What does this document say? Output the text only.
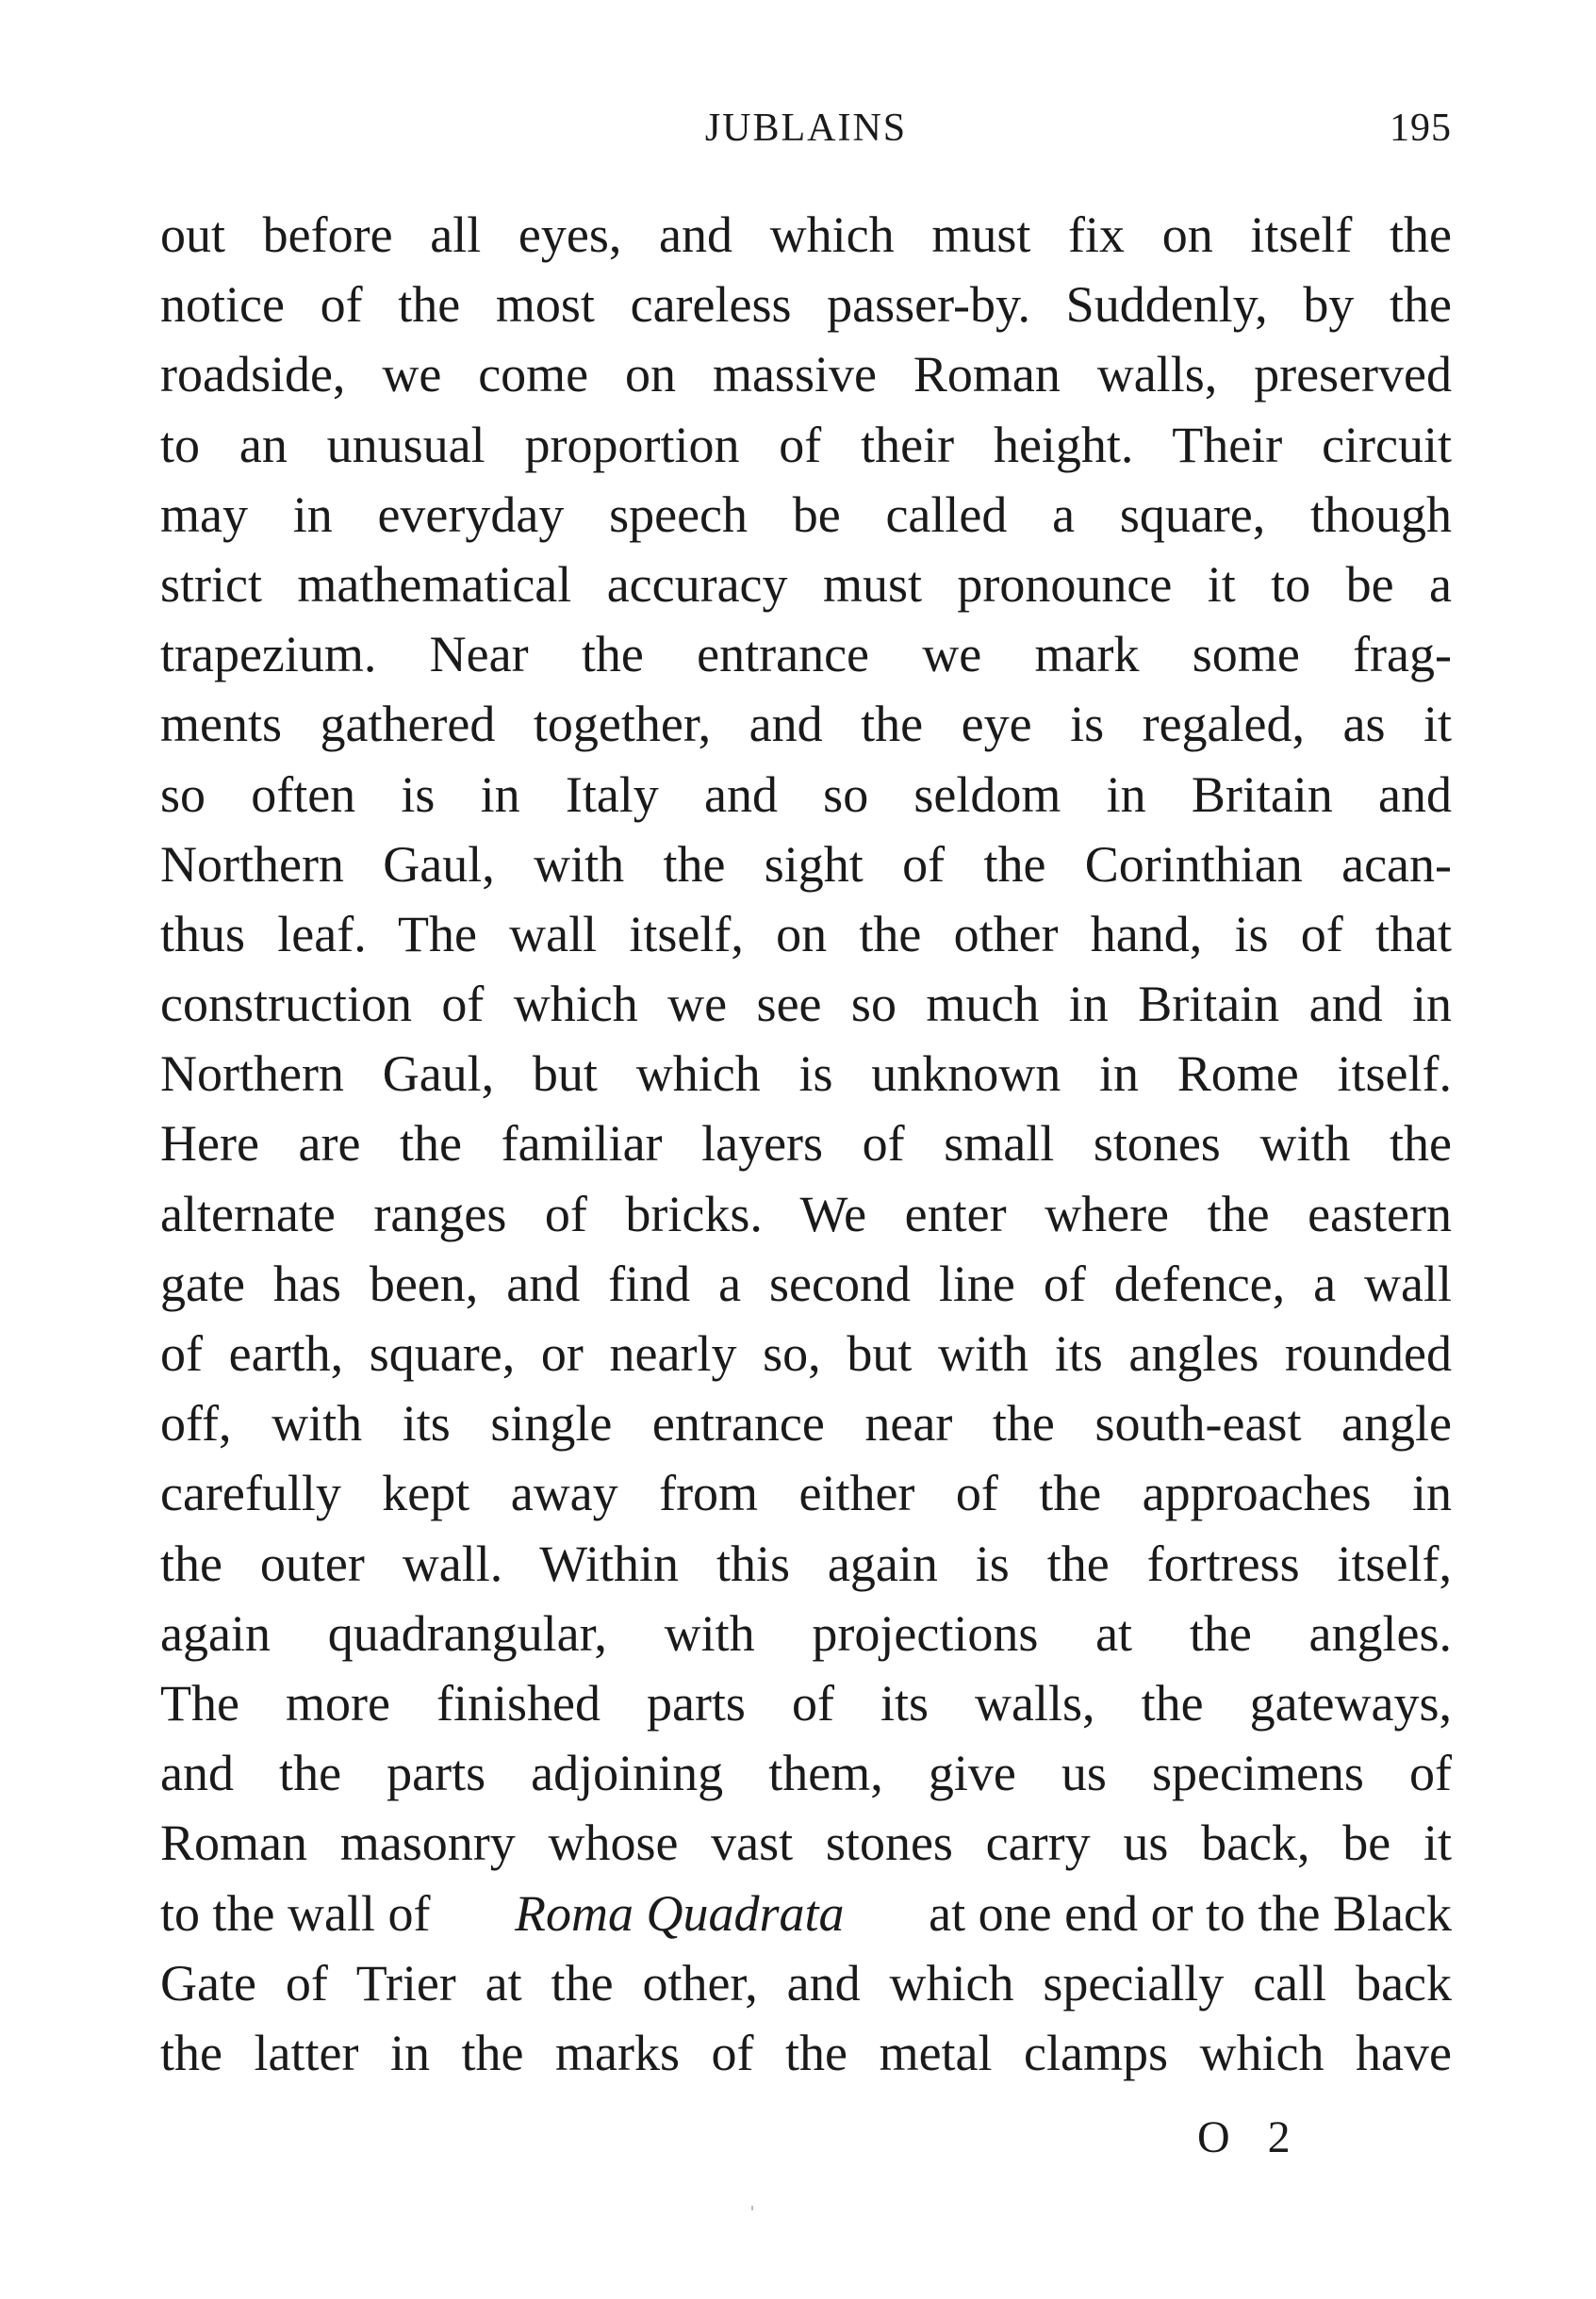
JUBLAINS	195
out before all eyes, and which must fix on itself the
notice of the most careless passer-by. Suddenly, by the
roadside, we come on massive Roman walls, preserved
to an unusual proportion of their height. Their circuit
may in everyday speech be called a square, though
strict mathematical accuracy must pronounce it to be a
trapezium. Near the entrance we mark some frag-
ments gathered together, and the eye is regaled, as it
so often is in Italy and so seldom in Britain and
Northern Gaul, with the sight of the Corinthian acan-
thus leaf. The wall itself, on the other hand, is of that
construction of which we see so much in Britain and in
Northern Gaul, but which is unknown in Rome itself.
Here are the familiar layers of small stones with the
alternate ranges of bricks. We enter where the eastern
gate has been, and find a second line of defence, a wall
of earth, square, or nearly so, but with its angles rounded
off, with its single entrance near the south-east angle
carefully kept away from either of the approaches in
the outer wall. Within this again is the fortress itself,
again quadrangular, with projections at the angles.
The more finished parts of its walls, the gateways,
and the parts adjoining them, give us specimens of
Roman masonry whose vast stones carry us back, be it
to the wall of Roma Quadrata at one end or to the Black
Gate of Trier at the other, and which specially call back
the latter in the marks of the metal clamps which have
O 2
